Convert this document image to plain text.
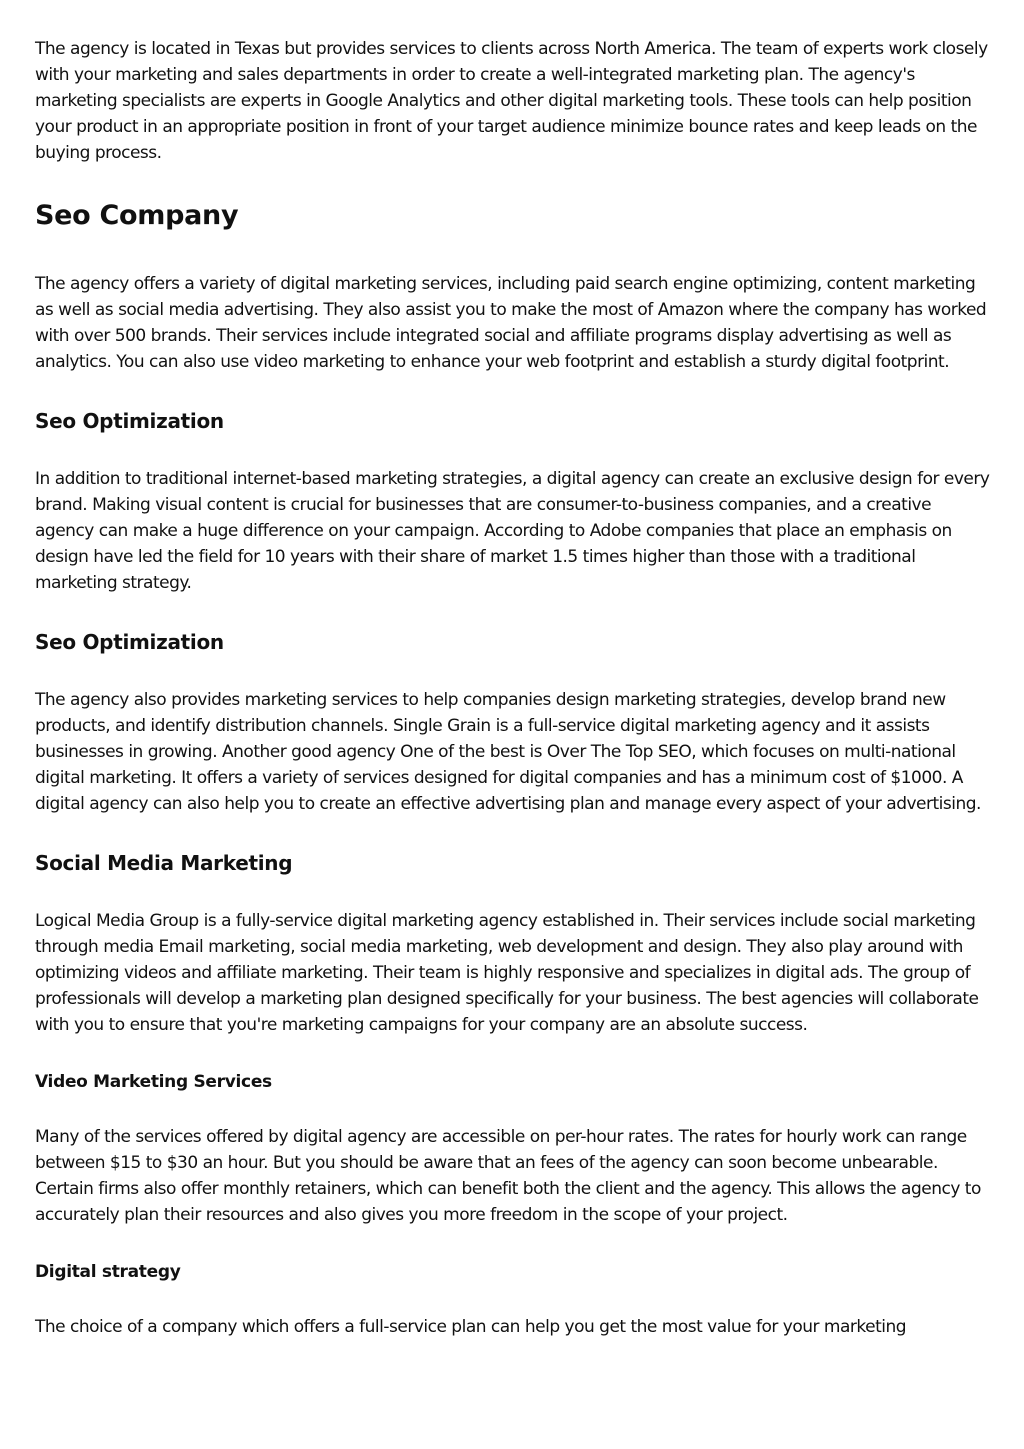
The agency is located in Texas but provides services to clients across North America. The team of experts work closely with your marketing and sales departments in order to create a well-integrated marketing plan. The agency's marketing specialists are experts in Google Analytics and other digital marketing tools. These tools can help position your product in an appropriate position in front of your target audience minimize bounce rates and keep leads on the buying process.

Seo Company

The agency offers a variety of digital marketing services, including paid search engine optimizing, content marketing as well as social media advertising. They also assist you to make the most of Amazon where the company has worked with over 500 brands. Their services include integrated social and affiliate programs display advertising as well as analytics. You can also use video marketing to enhance your web footprint and establish a sturdy digital footprint.

Seo Optimization

In addition to traditional internet-based marketing strategies, a digital agency can create an exclusive design for every brand. Making visual content is crucial for businesses that are consumer-to-business companies, and a creative agency can make a huge difference on your campaign. According to Adobe companies that place an emphasis on design have led the field for 10 years with their share of market 1.5 times higher than those with a traditional marketing strategy.

Seo Optimization

The agency also provides marketing services to help companies design marketing strategies, develop brand new products, and identify distribution channels. Single Grain is a full-service digital marketing agency and it assists businesses in growing. Another good agency One of the best is Over The Top SEO, which focuses on multi-national digital marketing. It offers a variety of services designed for digital companies and has a minimum cost of $1000. A digital agency can also help you to create an effective advertising plan and manage every aspect of your advertising.

Social Media Marketing

Logical Media Group is a fully-service digital marketing agency established in. Their services include social marketing through media Email marketing, social media marketing, web development and design. They also play around with optimizing videos and affiliate marketing. Their team is highly responsive and specializes in digital ads. The group of professionals will develop a marketing plan designed specifically for your business. The best agencies will collaborate with you to ensure that you're marketing campaigns for your company are an absolute success.

Video Marketing Services

Many of the services offered by digital agency are accessible on per-hour rates. The rates for hourly work can range between $15 to $30 an hour. But you should be aware that an fees of the agency can soon become unbearable. Certain firms also offer monthly retainers, which can benefit both the client and the agency. This allows the agency to accurately plan their resources and also gives you more freedom in the scope of your project.

Digital strategy

The choice of a company which offers a full-service plan can help you get the most value for your marketing
